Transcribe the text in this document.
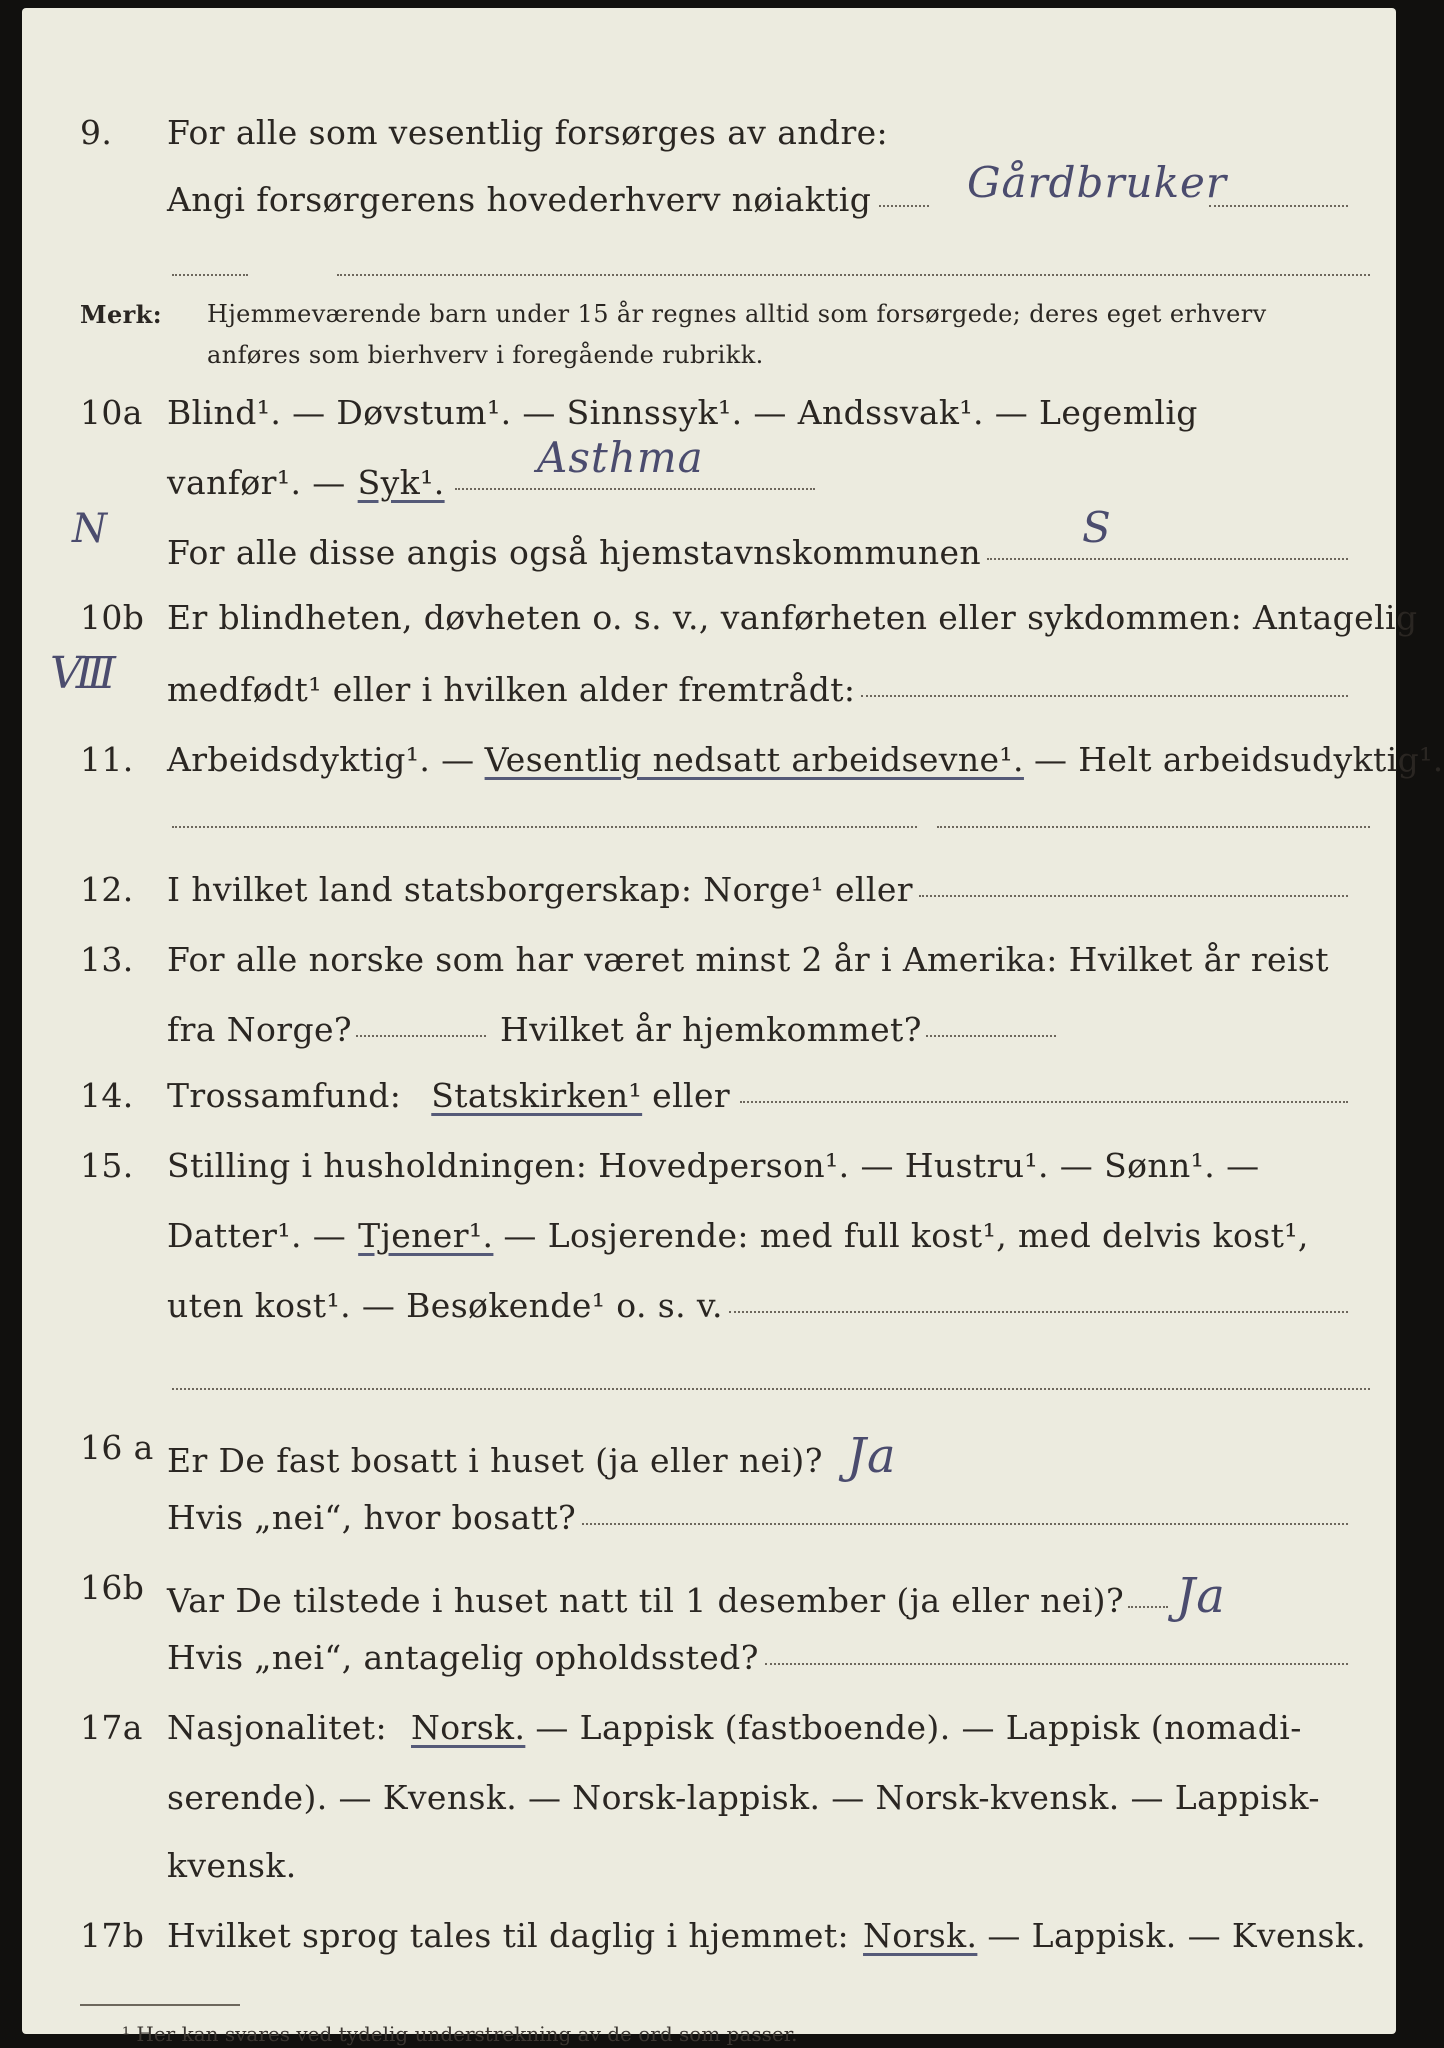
9.	For alle som vesentlig forsørges av andre:
Angi forsørgerens hovederhverv nøiaktig Gårdbruker
Merk:	Hjemmeværende barn under 15 år regnes alltid som forsørgede; deres eget erhverv
anføres som bierhverv i foregående rubrikk.
10a Blind¹. — Døvstum¹. — Sinnssyk¹. — Andssvak¹. — Legemlig
vanfør¹. — Syk¹.
Asthma
N
For alle disse angis også hjemstavnskommunen
S
10b Er blindheten, døvheten o. s. v., vanførheten eller sykdommen: Antagelig
VIII medfødt¹ eller i hvilken alder fremtrådt:
11.	Arbeidsdyktig¹. — Vesentlig nedsatt arbeidsevne¹. — Helt arbeidsudyktig¹.
12.	I hvilket land statsborgerskap: Norge¹ eller
13.	For alle norske som har været minst 2 år i Amerika: Hvilket år reist
fra Norge?	Hvilket år hjemkommet?
14.	Trossamfund: Statskirken¹ eller
15.	Stilling i husholdningen: Hovedperson¹. — Hustru¹. — Sønn¹. —
Datter¹. — Tjener¹. — Losjerende: med full kost¹, med delvis kost¹,
uten kost¹. — Besøkende¹ o. s. v.
16 a Er De fast bosatt i huset (ja eller nei)? Ja
Hvis „nei“, hvor bosatt?
16b Var De tilstede i huset natt til 1 desember (ja eller nei)? Ja
Hvis „nei“, antagelig opholdssted?
17a Nasjonalitet: Norsk. — Lappisk (fastboende). — Lappisk (nomadi-
serende). — Kvensk. — Norsk-lappisk. — Norsk-kvensk. — Lappisk-
kvensk.
17b Hvilket sprog tales til daglig i hjemmet: Norsk. — Lappisk. — Kvensk.
¹ Her kan svares ved tydelig understrekning av de ord som passer.
